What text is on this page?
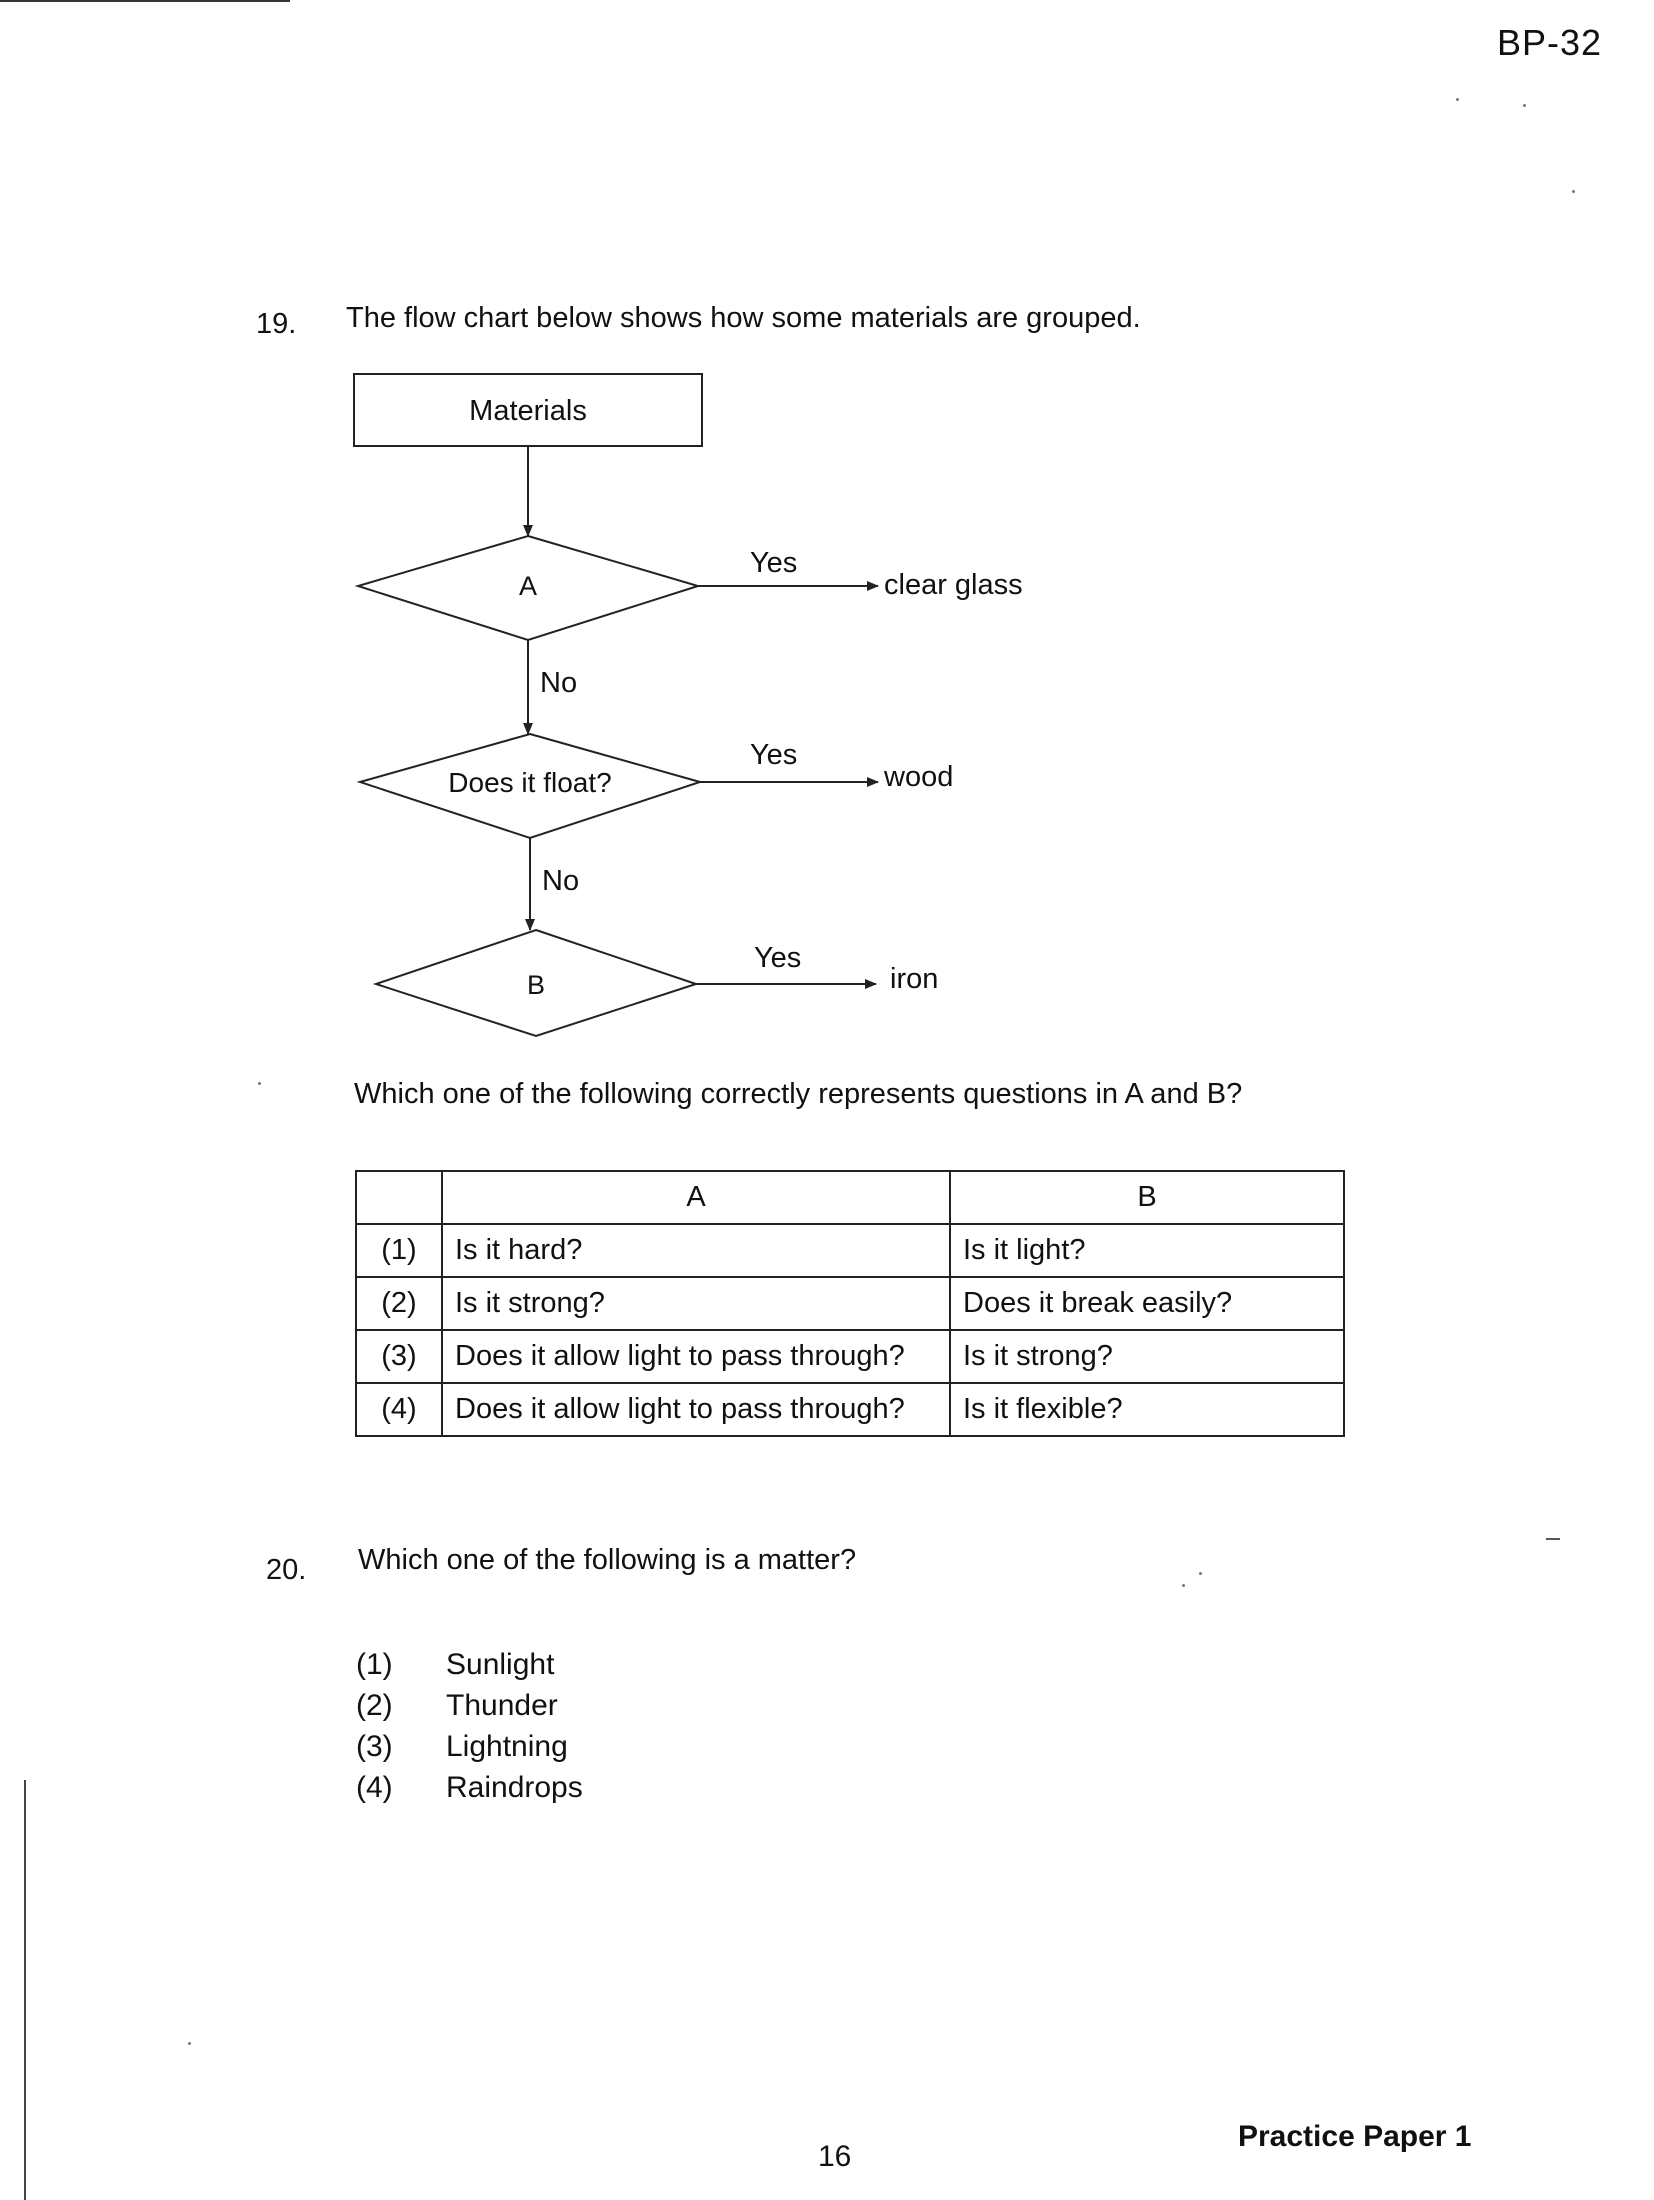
BP-32
19. The flow chart below shows how some materials are grouped.
Materials
A
Yes
clear glass
No
Does it float?
Yes
wood
No
B
Yes
iron
Which one of the following correctly represents questions in A and B?
	A	B
(1)	Is it hard?	Is it light?
(2)	Is it strong?	Does it break easily?
(3)	Does it allow light to pass through?	Is it strong?
(4)	Does it allow light to pass through?	Is it flexible?
20. Which one of the following is a matter?
(1) Sunlight
(2) Thunder
(3) Lightning
(4) Raindrops
16
Practice Paper 1
